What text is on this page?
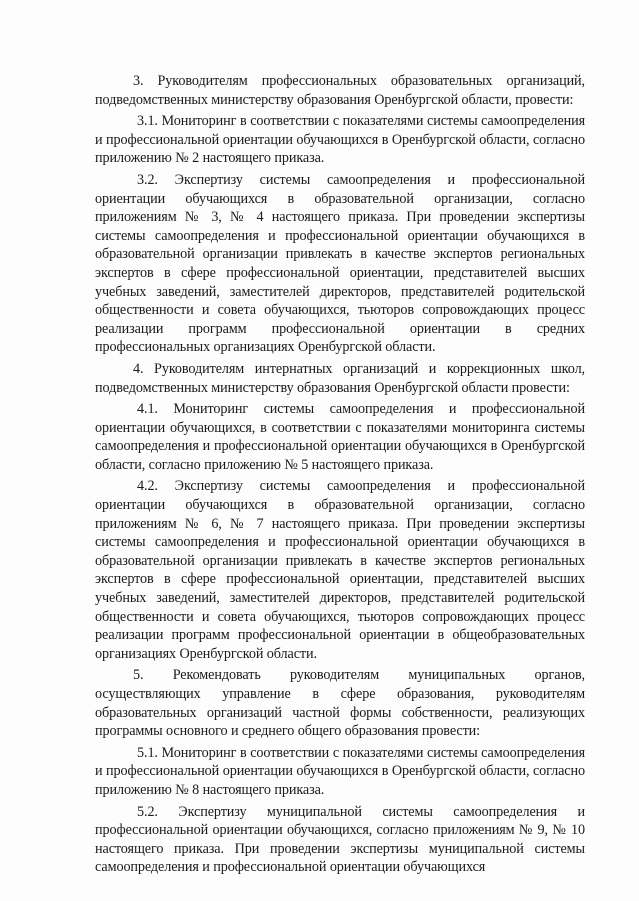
3. Руководителям профессиональных образовательных организаций, подведомственных министерству образования Оренбургской области, провести:

3.1. Мониторинг в соответствии с показателями системы самоопределения и профессиональной ориентации обучающихся в Оренбургской области, согласно приложению № 2 настоящего приказа.

3.2. Экспертизу системы самоопределения и профессиональной ориентации обучающихся в образовательной организации, согласно приложениям № 3, № 4 настоящего приказа. При проведении экспертизы системы самоопределения и профессиональной ориентации обучающихся в образовательной организации привлекать в качестве экспертов региональных экспертов в сфере профессиональной ориентации, представителей высших учебных заведений, заместителей директоров, представителей родительской общественности и совета обучающихся, тьюторов сопровождающих процесс реализации программ профессиональной ориентации в средних профессиональных организациях Оренбургской области.

4. Руководителям интернатных организаций и коррекционных школ, подведомственных министерству образования Оренбургской области провести:

4.1. Мониторинг системы самоопределения и профессиональной ориентации обучающихся, в соответствии с показателями мониторинга системы самоопределения и профессиональной ориентации обучающихся в Оренбургской области, согласно приложению № 5 настоящего приказа.

4.2. Экспертизу системы самоопределения и профессиональной ориентации обучающихся в образовательной организации, согласно приложениям № 6, № 7 настоящего приказа. При проведении экспертизы системы самоопределения и профессиональной ориентации обучающихся в образовательной организации привлекать в качестве экспертов региональных экспертов в сфере профессиональной ориентации, представителей высших учебных заведений, заместителей директоров, представителей родительской общественности и совета обучающихся, тьюторов сопровождающих процесс реализации программ профессиональной ориентации в общеобразовательных организациях Оренбургской области.

5. Рекомендовать руководителям муниципальных органов, осуществляющих управление в сфере образования, руководителям образовательных организаций частной формы собственности, реализующих программы основного и среднего общего образования провести:

5.1. Мониторинг в соответствии с показателями системы самоопределения и профессиональной ориентации обучающихся в Оренбургской области, согласно приложению № 8 настоящего приказа.

5.2. Экспертизу муниципальной системы самоопределения и профессиональной ориентации обучающихся, согласно приложениям № 9, № 10 настоящего приказа. При проведении экспертизы муниципальной системы самоопределения и профессиональной ориентации обучающихся
